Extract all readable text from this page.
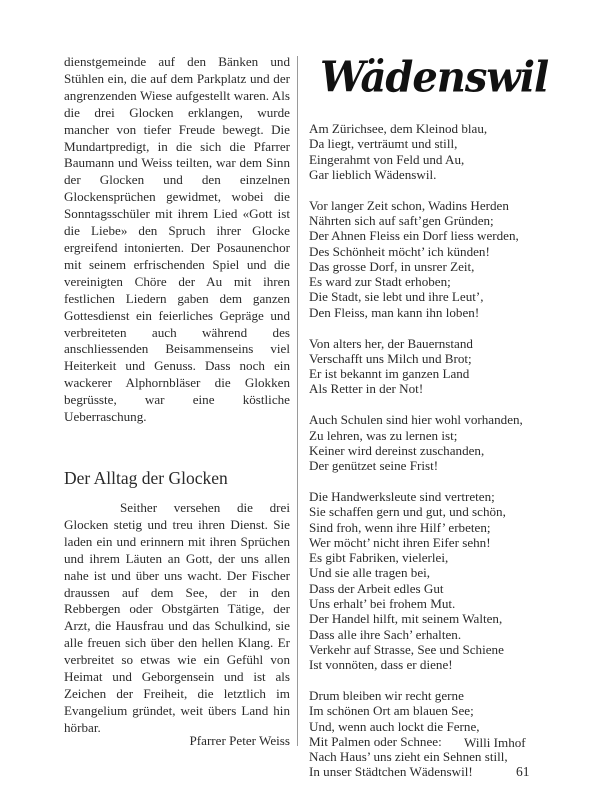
dienstgemeinde auf den Bänken und Stühlen ein, die auf dem Parkplatz und der angrenzenden Wiese aufgestellt waren. Als die drei Glocken erklangen, wurde mancher von tiefer Freude bewegt. Die Mundartpredigt, in die sich die Pfarrer Baumann und Weiss teilten, war dem Sinn der Glocken und den einzelnen Glockensprüchen gewidmet, wobei die Sonntagsschüler mit ihrem Lied «Gott ist die Liebe» den Spruch ihrer Glocke ergreifend intonierten. Der Posaunenchor mit seinem erfrischenden Spiel und die vereinigten Chöre der Au mit ihren festlichen Liedern gaben dem ganzen Gottesdienst ein feierliches Gepräge und verbreiteten auch während des anschliessenden Beisammenseins viel Heiterkeit und Genuss. Dass noch ein wackerer Alphornbläser die Glokken begrüsste, war eine köstliche Ueberraschung.

Der Alltag der Glocken

Seither versehen die drei Glocken stetig und treu ihren Dienst. Sie laden ein und erinnern mit ihren Sprüchen und ihrem Läuten an Gott, der uns allen nahe ist und über uns wacht. Der Fischer draussen auf dem See, der in den Rebbergen oder Obstgärten Tätige, der Arzt, die Hausfrau und das Schulkind, sie alle freuen sich über den hellen Klang. Er verbreitet so etwas wie ein Gefühl von Heimat und Geborgensein und ist als Zeichen der Freiheit, die letztlich im Evangelium gründet, weit übers Land hin hörbar.

Pfarrer Peter Weiss
Wädenswil
Am Zürichsee, dem Kleinod blau,
Da liegt, verträumt und still,
Eingerahmt von Feld und Au,
Gar lieblich Wädenswil.
Vor langer Zeit schon, Wadins Herden
Nährten sich auf saft’gen Gründen;
Der Ahnen Fleiss ein Dorf liess werden,
Des Schönheit möcht’ ich künden!
Das grosse Dorf, in unsrer Zeit,
Es ward zur Stadt erhoben;
Die Stadt, sie lebt und ihre Leut’,
Den Fleiss, man kann ihn loben!
Von alters her, der Bauernstand
Verschafft uns Milch und Brot;
Er ist bekannt im ganzen Land
Als Retter in der Not!
Auch Schulen sind hier wohl vorhanden,
Zu lehren, was zu lernen ist;
Keiner wird dereinst zuschanden,
Der genützet seine Frist!
Die Handwerksleute sind vertreten;
Sie schaffen gern und gut, und schön,
Sind froh, wenn ihre Hilf’ erbeten;
Wer möcht’ nicht ihren Eifer sehn!
Es gibt Fabriken, vielerlei,
Und sie alle tragen bei,
Dass der Arbeit edles Gut
Uns erhalt’ bei frohem Mut.
Der Handel hilft, mit seinem Walten,
Dass alle ihre Sach’ erhalten.
Verkehr auf Strasse, See und Schiene
Ist vonnöten, dass er diene!
Drum bleiben wir recht gerne
Im schönen Ort am blauen See;
Und, wenn auch lockt die Ferne,
Mit Palmen oder Schnee:
Nach Haus’ uns zieht ein Sehnen still,
In unser Städtchen Wädenswil!
Willi Imhof
61
